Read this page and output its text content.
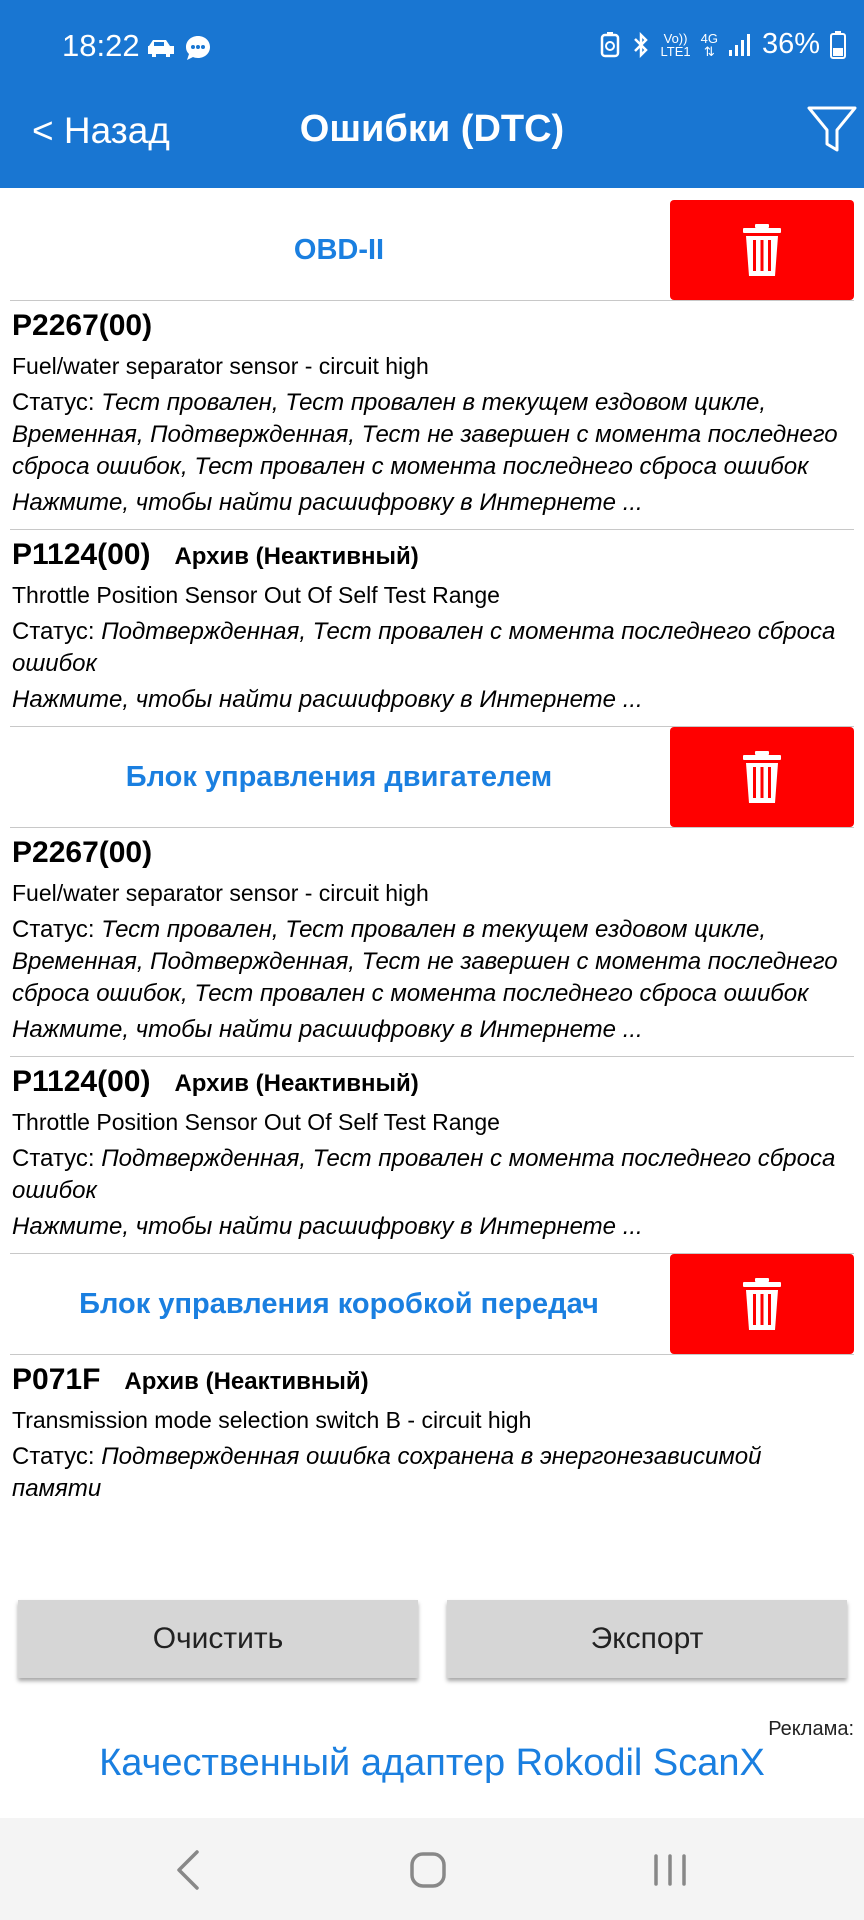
18:22	Vo))
LTE1
4G
⇅ 36%
< Назад	Ошибки (DTC)
OBD-II
P2267(00)
Fuel/water separator sensor - circuit high
Статус: Тест провален, Тест провален в текущем ездовом цикле, Временная, Подтвержденная, Тест не завершен с момента последнего сброса ошибок, Тест провален с момента последнего сброса ошибок
Нажмите, чтобы найти расшифровку в Интернете ...
P1124(00) Архив (Неактивный)
Throttle Position Sensor Out Of Self Test Range
Статус: Подтвержденная, Тест провален с момента последнего сброса ошибок
Нажмите, чтобы найти расшифровку в Интернете ...
Блок управления двигателем
P2267(00)
Fuel/water separator sensor - circuit high
Статус: Тест провален, Тест провален в текущем ездовом цикле, Временная, Подтвержденная, Тест не завершен с момента последнего сброса ошибок, Тест провален с момента последнего сброса ошибок
Нажмите, чтобы найти расшифровку в Интернете ...
P1124(00) Архив (Неактивный)
Throttle Position Sensor Out Of Self Test Range
Статус: Подтвержденная, Тест провален с момента последнего сброса ошибок
Нажмите, чтобы найти расшифровку в Интернете ...
Блок управления коробкой передач
P071F Архив (Неактивный)
Transmission mode selection switch B - circuit high
Статус: Подтвержденная ошибка сохранена в энергонезависимой памяти
Очистить	Экспорт
Реклама:
Качественный адаптер Rokodil ScanX
